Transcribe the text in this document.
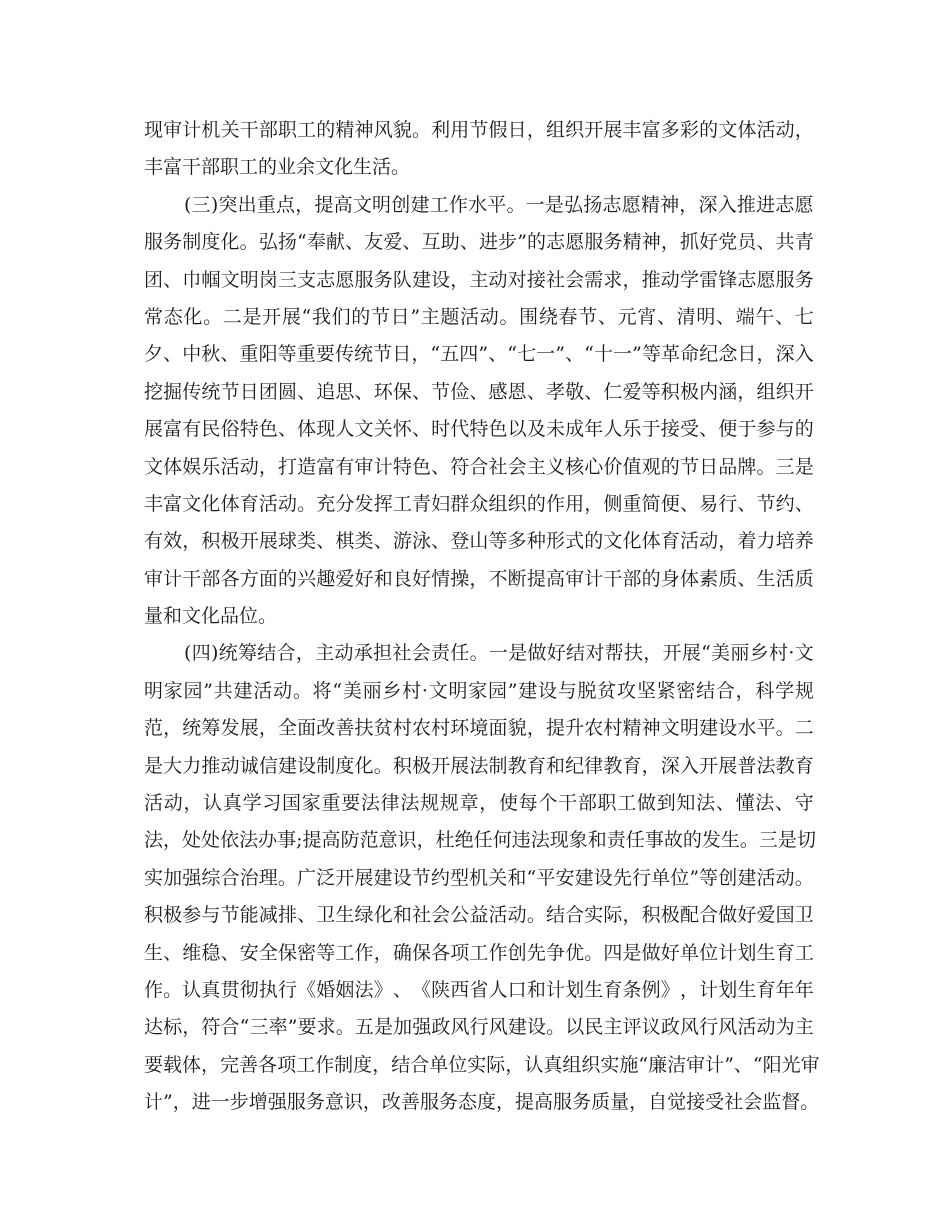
现 审 计 机 关 干 部 职 工 的 精 神 风 貌 。 利 用 节 假 日 ， 组 织 开 展 丰 富 多 彩 的 文 体 活 动 ，
丰富干部职工的业余文化生活。
( 三 ) 突 出 重 点 ， 提 高 文 明 创 建 工 作 水 平 。 一 是 弘 扬 志 愿 精 神 ， 深 入 推 进 志 愿
服 务 制 度 化 。 弘 扬 “ 奉 献 、 友 爱 、 互 助 、 进 步 ” 的 志 愿 服 务 精 神 ， 抓 好 党 员 、 共 青
团 、 巾 帼 文 明 岗 三 支 志 愿 服 务 队 建 设 ， 主 动 对 接 社 会 需 求 ， 推 动 学 雷 锋 志 愿 服 务
常 态 化 。 二 是 开 展 “ 我 们 的 节 日 ” 主 题 活 动 。 围 绕 春 节 、 元 宵 、 清 明 、 端 午 、 七
夕 、 中 秋 、 重 阳 等 重 要 传 统 节 日 ， “ 五 四 ” 、 “ 七 一 ” 、 “ 十 一 ” 等 革 命 纪 念 日 ， 深 入
挖 掘 传 统 节 日 团 圆 、 追 思 、 环 保 、 节 俭 、 感 恩 、 孝 敬 、 仁 爱 等 积 极 内 涵 ， 组 织 开
展 富 有 民 俗 特 色 、 体 现 人 文 关 怀 、 时 代 特 色 以 及 未 成 年 人 乐 于 接 受 、 便 于 参 与 的
文 体 娱 乐 活 动 ， 打 造 富 有 审 计 特 色 、 符 合 社 会 主 义 核 心 价 值 观 的 节 日 品 牌 。 三 是
丰 富 文 化 体 育 活 动 。 充 分 发 挥 工 青 妇 群 众 组 织 的 作 用 ， 侧 重 简 便 、 易 行 、 节 约 、
有 效 ， 积 极 开 展 球 类 、 棋 类 、 游 泳 、 登 山 等 多 种 形 式 的 文 化 体 育 活 动 ， 着 力 培 养
审 计 干 部 各 方 面 的 兴 趣 爱 好 和 良 好 情 操 ， 不 断 提 高 审 计 干 部 的 身 体 素 质 、 生 活 质
量和文化品位。
( 四 ) 统 筹 结 合 ， 主 动 承 担 社 会 责 任 。 一 是 做 好 结 对 帮 扶 ， 开 展 “ 美 丽 乡 村 · 文
明 家 园 ” 共 建 活 动 。 将 “ 美 丽 乡 村 · 文 明 家 园 ” 建 设 与 脱 贫 攻 坚 紧 密 结 合 ， 科 学 规
范 ， 统 筹 发 展 ， 全 面 改 善 扶 贫 村 农 村 环 境 面 貌 ， 提 升 农 村 精 神 文 明 建 设 水 平 。 二
是 大 力 推 动 诚 信 建 设 制 度 化 。 积 极 开 展 法 制 教 育 和 纪 律 教 育 ， 深 入 开 展 普 法 教 育
活 动 ， 认 真 学 习 国 家 重 要 法 律 法 规 规 章 ， 使 每 个 干 部 职 工 做 到 知 法 、 懂 法 、 守
法 ， 处 处 依 法 办 事 ; 提 高 防 范 意 识 ， 杜 绝 任 何 违 法 现 象 和 责 任 事 故 的 发 生 。 三 是 切
实 加 强 综 合 治 理 。 广 泛 开 展 建 设 节 约 型 机 关 和 “ 平 安 建 设 先 行 单 位 ” 等 创 建 活 动 。
积 极 参 与 节 能 减 排 、 卫 生 绿 化 和 社 会 公 益 活 动 。 结 合 实 际 ， 积 极 配 合 做 好 爱 国 卫
生 、 维 稳 、 安 全 保 密 等 工 作 ， 确 保 各 项 工 作 创 先 争 优 。 四 是 做 好 单 位 计 划 生 育 工
作 。 认 真 贯 彻 执 行 《 婚 姻 法 》 、 《 陕 西 省 人 口 和 计 划 生 育 条 例 》 ， 计 划 生 育 年 年
达 标 ， 符 合 “ 三 率 ” 要 求 。 五 是 加 强 政 风 行 风 建 设 。 以 民 主 评 议 政 风 行 风 活 动 为 主
要 载 体 ， 完 善 各 项 工 作 制 度 ， 结 合 单 位 实 际 ， 认 真 组 织 实 施 “ 廉 洁 审 计 ” 、 “ 阳 光 审
计 ” ， 进 一 步 增 强 服 务 意 识 ， 改 善 服 务 态 度 ， 提 高 服 务 质 量 ， 自 觉 接 受 社 会 监 督 。
